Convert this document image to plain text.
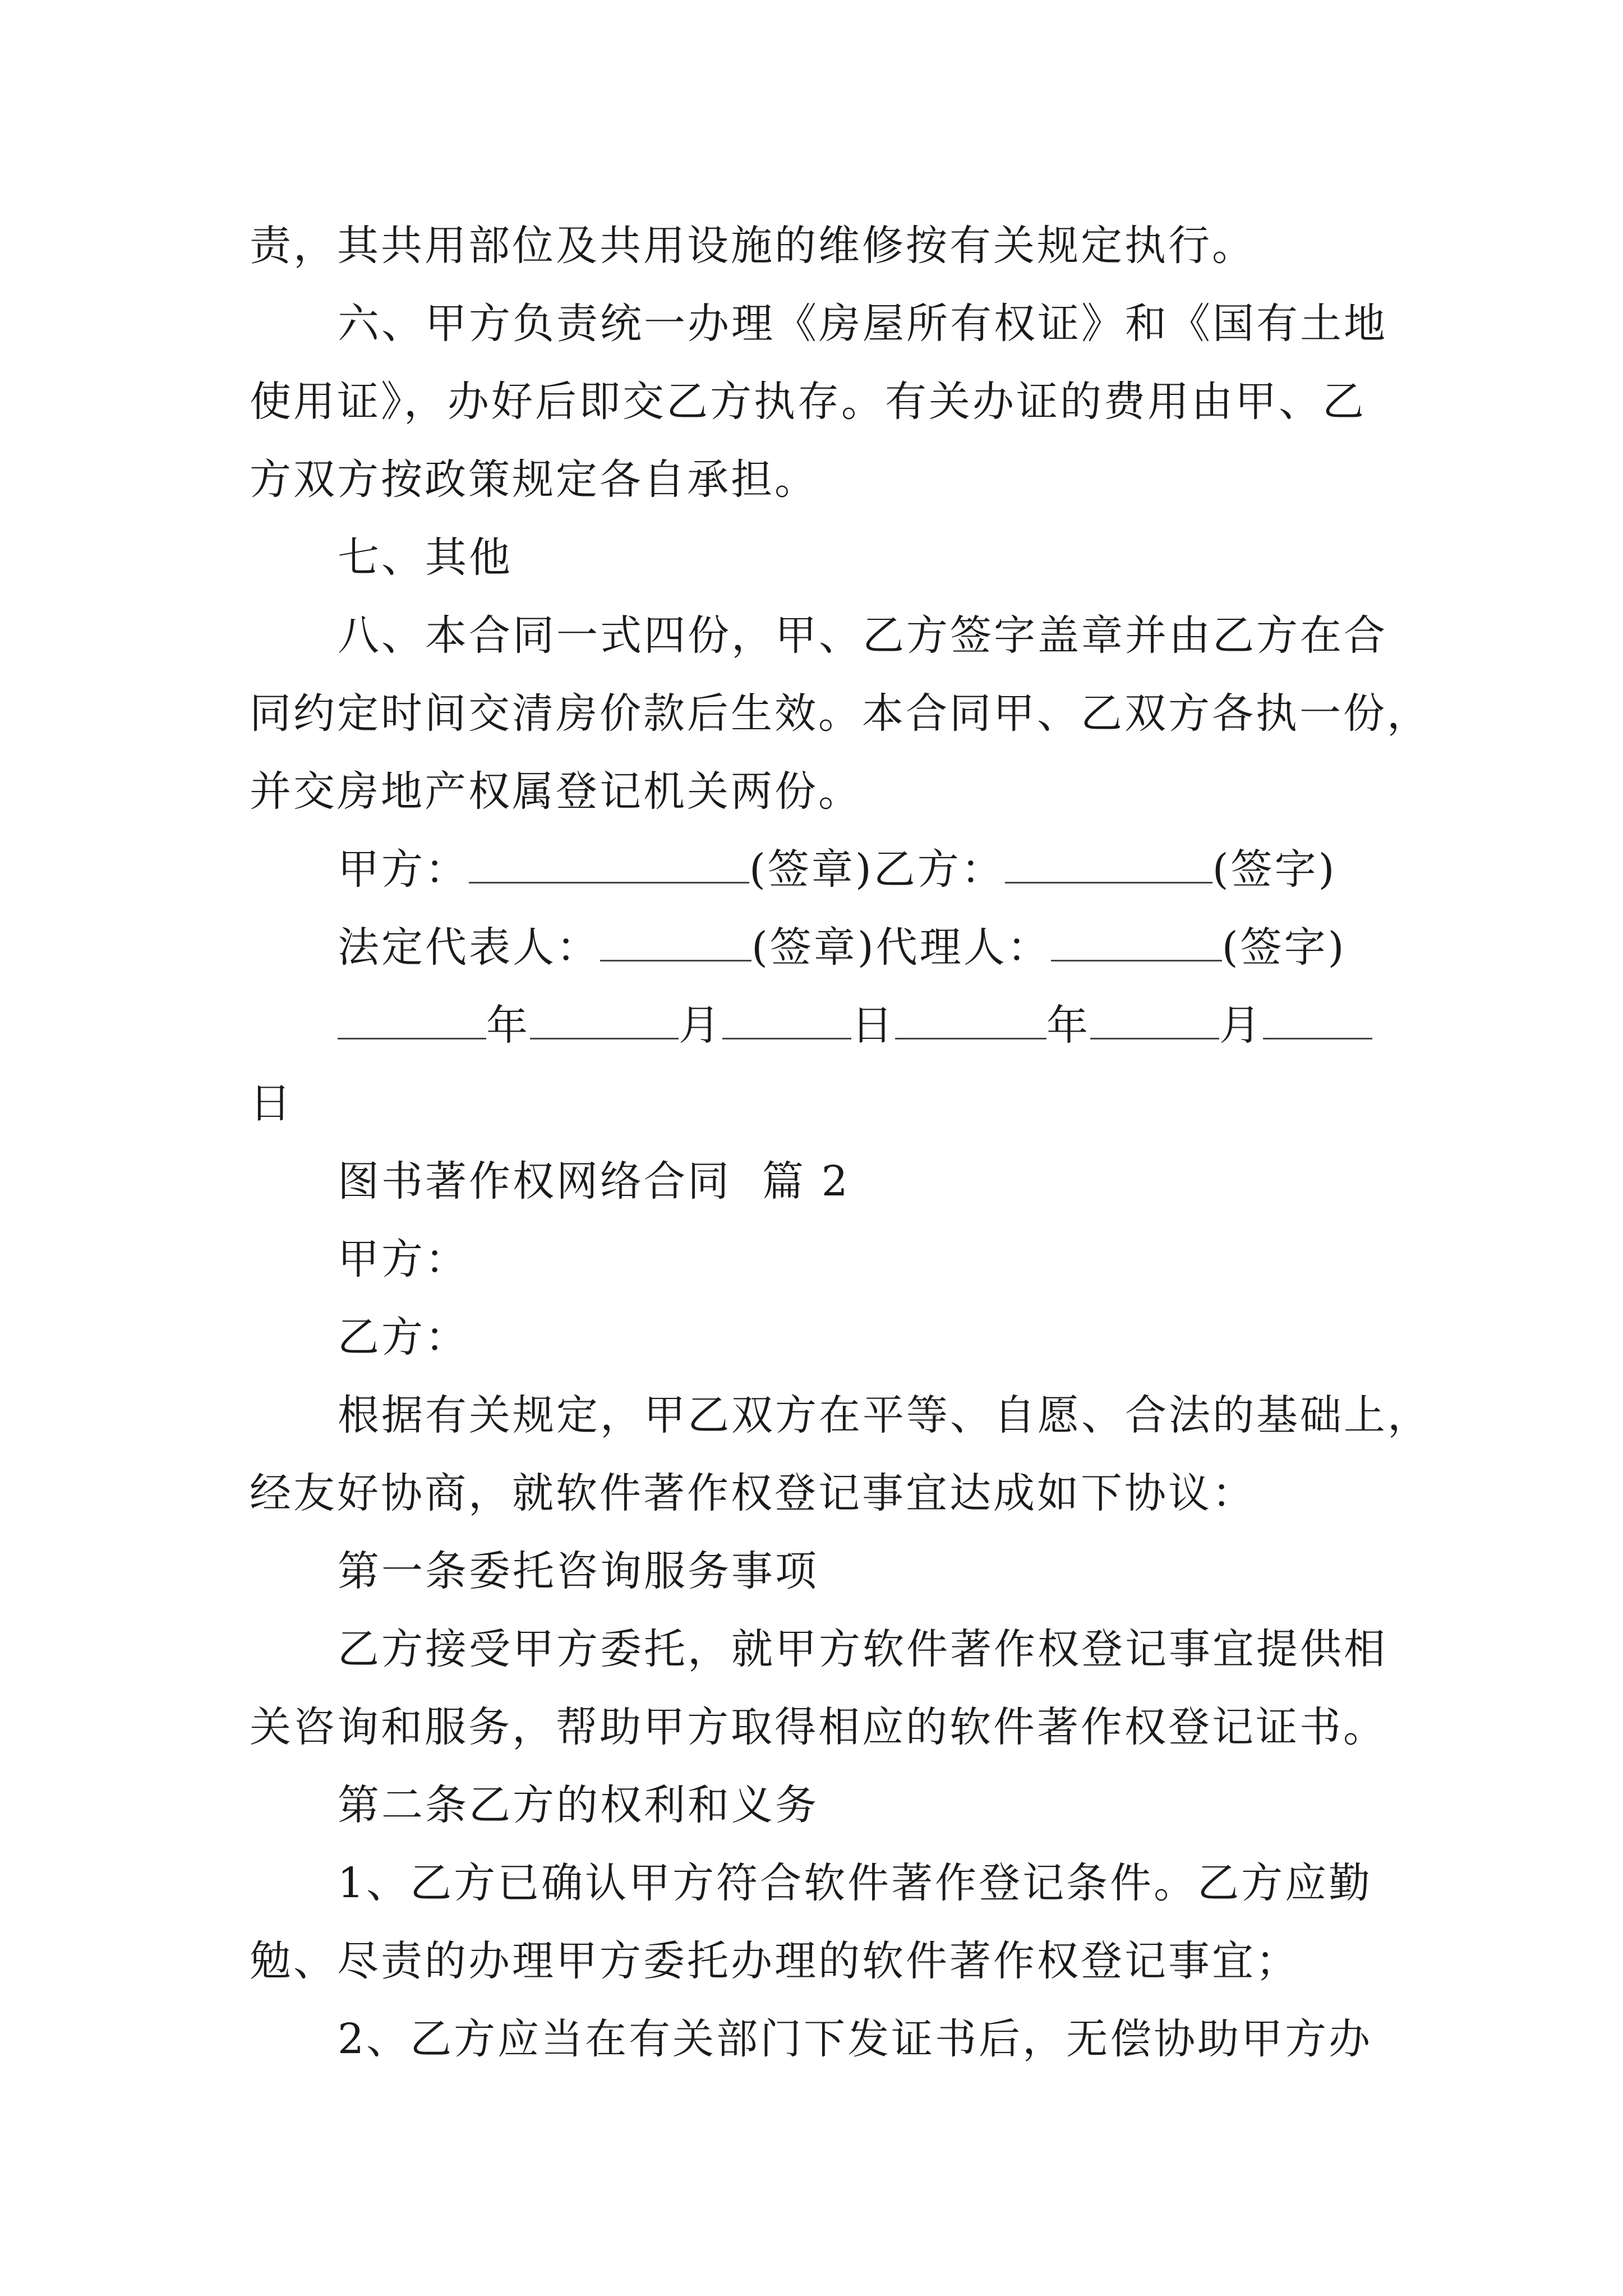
责，其共用部位及共用设施的维修按有关规定执行。
六、甲方负责统一办理《房屋所有权证》和《国有土地
使用证》，办好后即交乙方执存。有关办证的费用由甲、乙
方双方按政策规定各自承担。
七、其他
八、本合同一式四份，甲、乙方签字盖章并由乙方在合
同约定时间交清房价款后生效。本合同甲、乙双方各执一份，
并交房地产权属登记机关两份。
甲方：	(签章)乙方：	(签字)
法定代表人：	(签章)代理人：	(签字)
年	月	日	年	月
日
图书著作权网络合同  篇 2
甲方：
乙方：
根据有关规定，甲乙双方在平等、自愿、合法的基础上，
经友好协商，就软件著作权登记事宜达成如下协议：
第一条委托咨询服务事项
乙方接受甲方委托，就甲方软件著作权登记事宜提供相
关咨询和服务，帮助甲方取得相应的软件著作权登记证书。
第二条乙方的权利和义务
1、乙方已确认甲方符合软件著作登记条件。乙方应勤
勉、尽责的办理甲方委托办理的软件著作权登记事宜；
2、乙方应当在有关部门下发证书后，无偿协助甲方办
